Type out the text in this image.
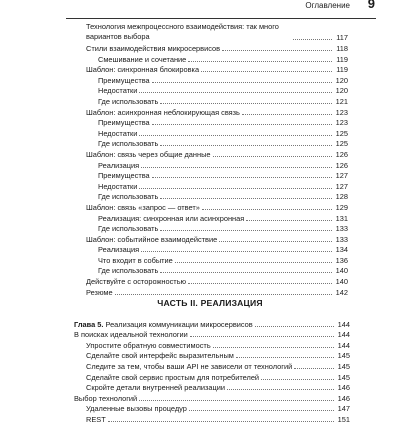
Оглавление 9
Технология межпроцессного взаимодействия: так много вариантов выбора	117
Стили взаимодействия микросервисов	118
Смешивание и сочетание	119
Шаблон: синхронная блокировка	119
Преимущества	120
Недостатки	120
Где использовать	121
Шаблон: асинхронная неблокирующая связь	123
Преимущества	123
Недостатки	125
Где использовать	125
Шаблон: связь через общие данные	126
Реализация	126
Преимущества	127
Недостатки	127
Где использовать	128
Шаблон: связь «запрос — ответ»	129
Реализация: синхронная или асинхронная	131
Где использовать	133
Шаблон: событийное взаимодействие	133
Реализация	134
Что входит в событие	136
Где использовать	140
Действуйте с осторожностью	140
Резюме	142
ЧАСТЬ II. РЕАЛИЗАЦИЯ
Глава 5. Реализация коммуникации микросервисов	144
В поисках идеальной технологии	144
Упростите обратную совместимость	144
Сделайте свой интерфейс выразительным	145
Следите за тем, чтобы ваши API не зависели от технологий	145
Сделайте свой сервис простым для потребителей	145
Скройте детали внутренней реализации	146
Выбор технологий	146
Удаленные вызовы процедур	147
REST	151
